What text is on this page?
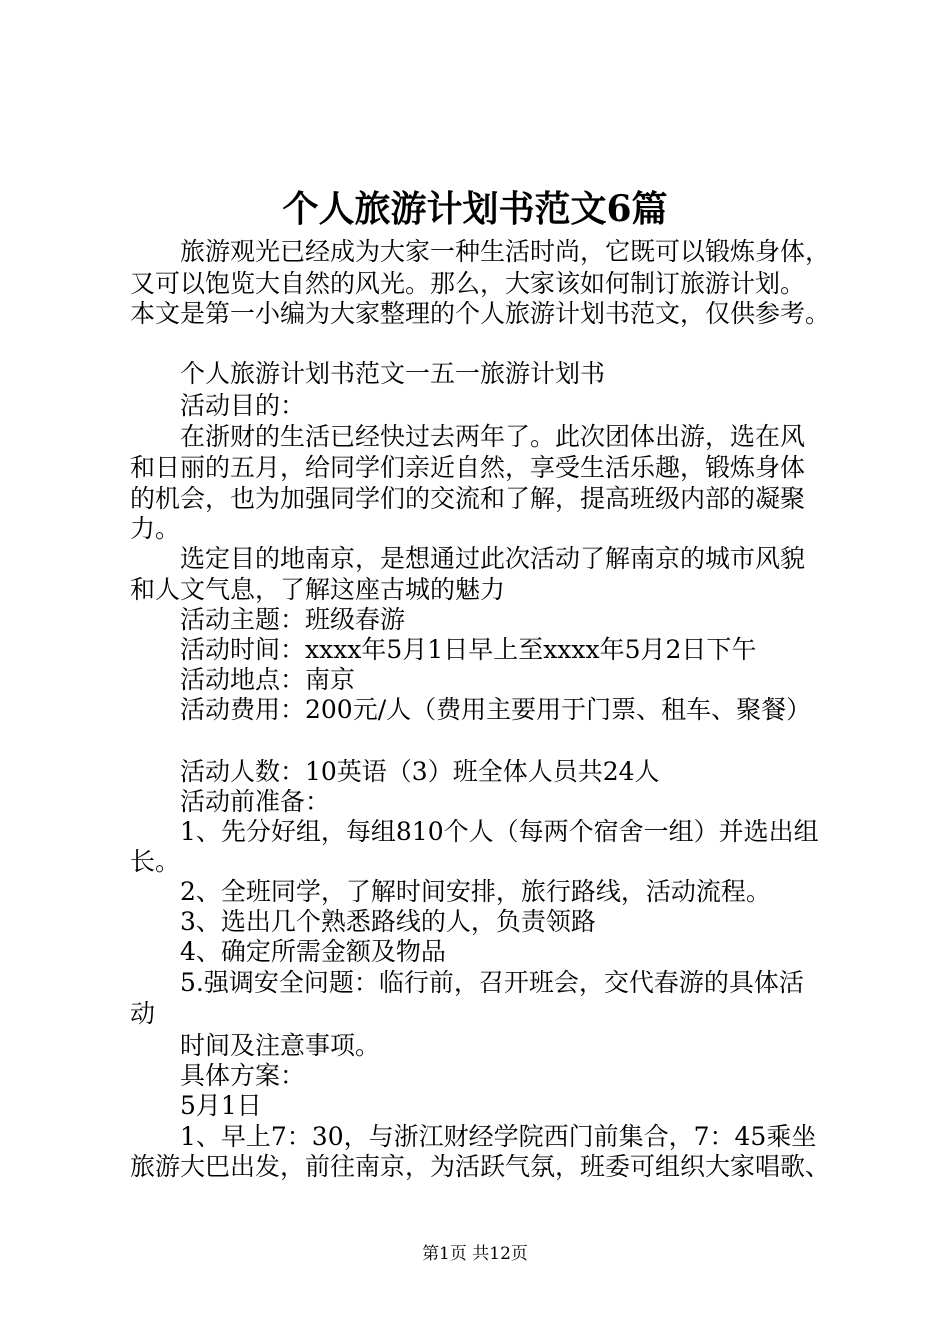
个人旅游计划书范文6篇
旅游观光已经成为大家一种生活时尚，它既可以锻炼身体，
又可以饱览大自然的风光。那么，大家该如何制订旅游计划。
本文是第一小编为大家整理的个人旅游计划书范文，仅供参考。
个人旅游计划书范文一五一旅游计划书
活动目的：
在浙财的生活已经快过去两年了。此次团体出游，选在风
和日丽的五月，给同学们亲近自然，享受生活乐趣，锻炼身体
的机会，也为加强同学们的交流和了解，提高班级内部的凝聚
力。
选定目的地南京，是想通过此次活动了解南京的城市风貌
和人文气息，了解这座古城的魅力
活动主题：班级春游
活动时间：xxxx年5月1日早上至xxxx年5月2日下午
活动地点：南京
活动费用：200元/人（费用主要用于门票、租车、聚餐）
活动人数：10英语（3）班全体人员共24人
活动前准备：
1、先分好组，每组810个人（每两个宿舍一组）并选出组
长。
2、全班同学，了解时间安排，旅行路线，活动流程。
3、选出几个熟悉路线的人，负责领路
4、确定所需金额及物品
5.强调安全问题：临行前，召开班会，交代春游的具体活
动
时间及注意事项。
具体方案：
5月1日
1、早上7：30，与浙江财经学院西门前集合，7：45乘坐
旅游大巴出发，前往南京，为活跃气氛，班委可组织大家唱歌、
第1页 共12页
